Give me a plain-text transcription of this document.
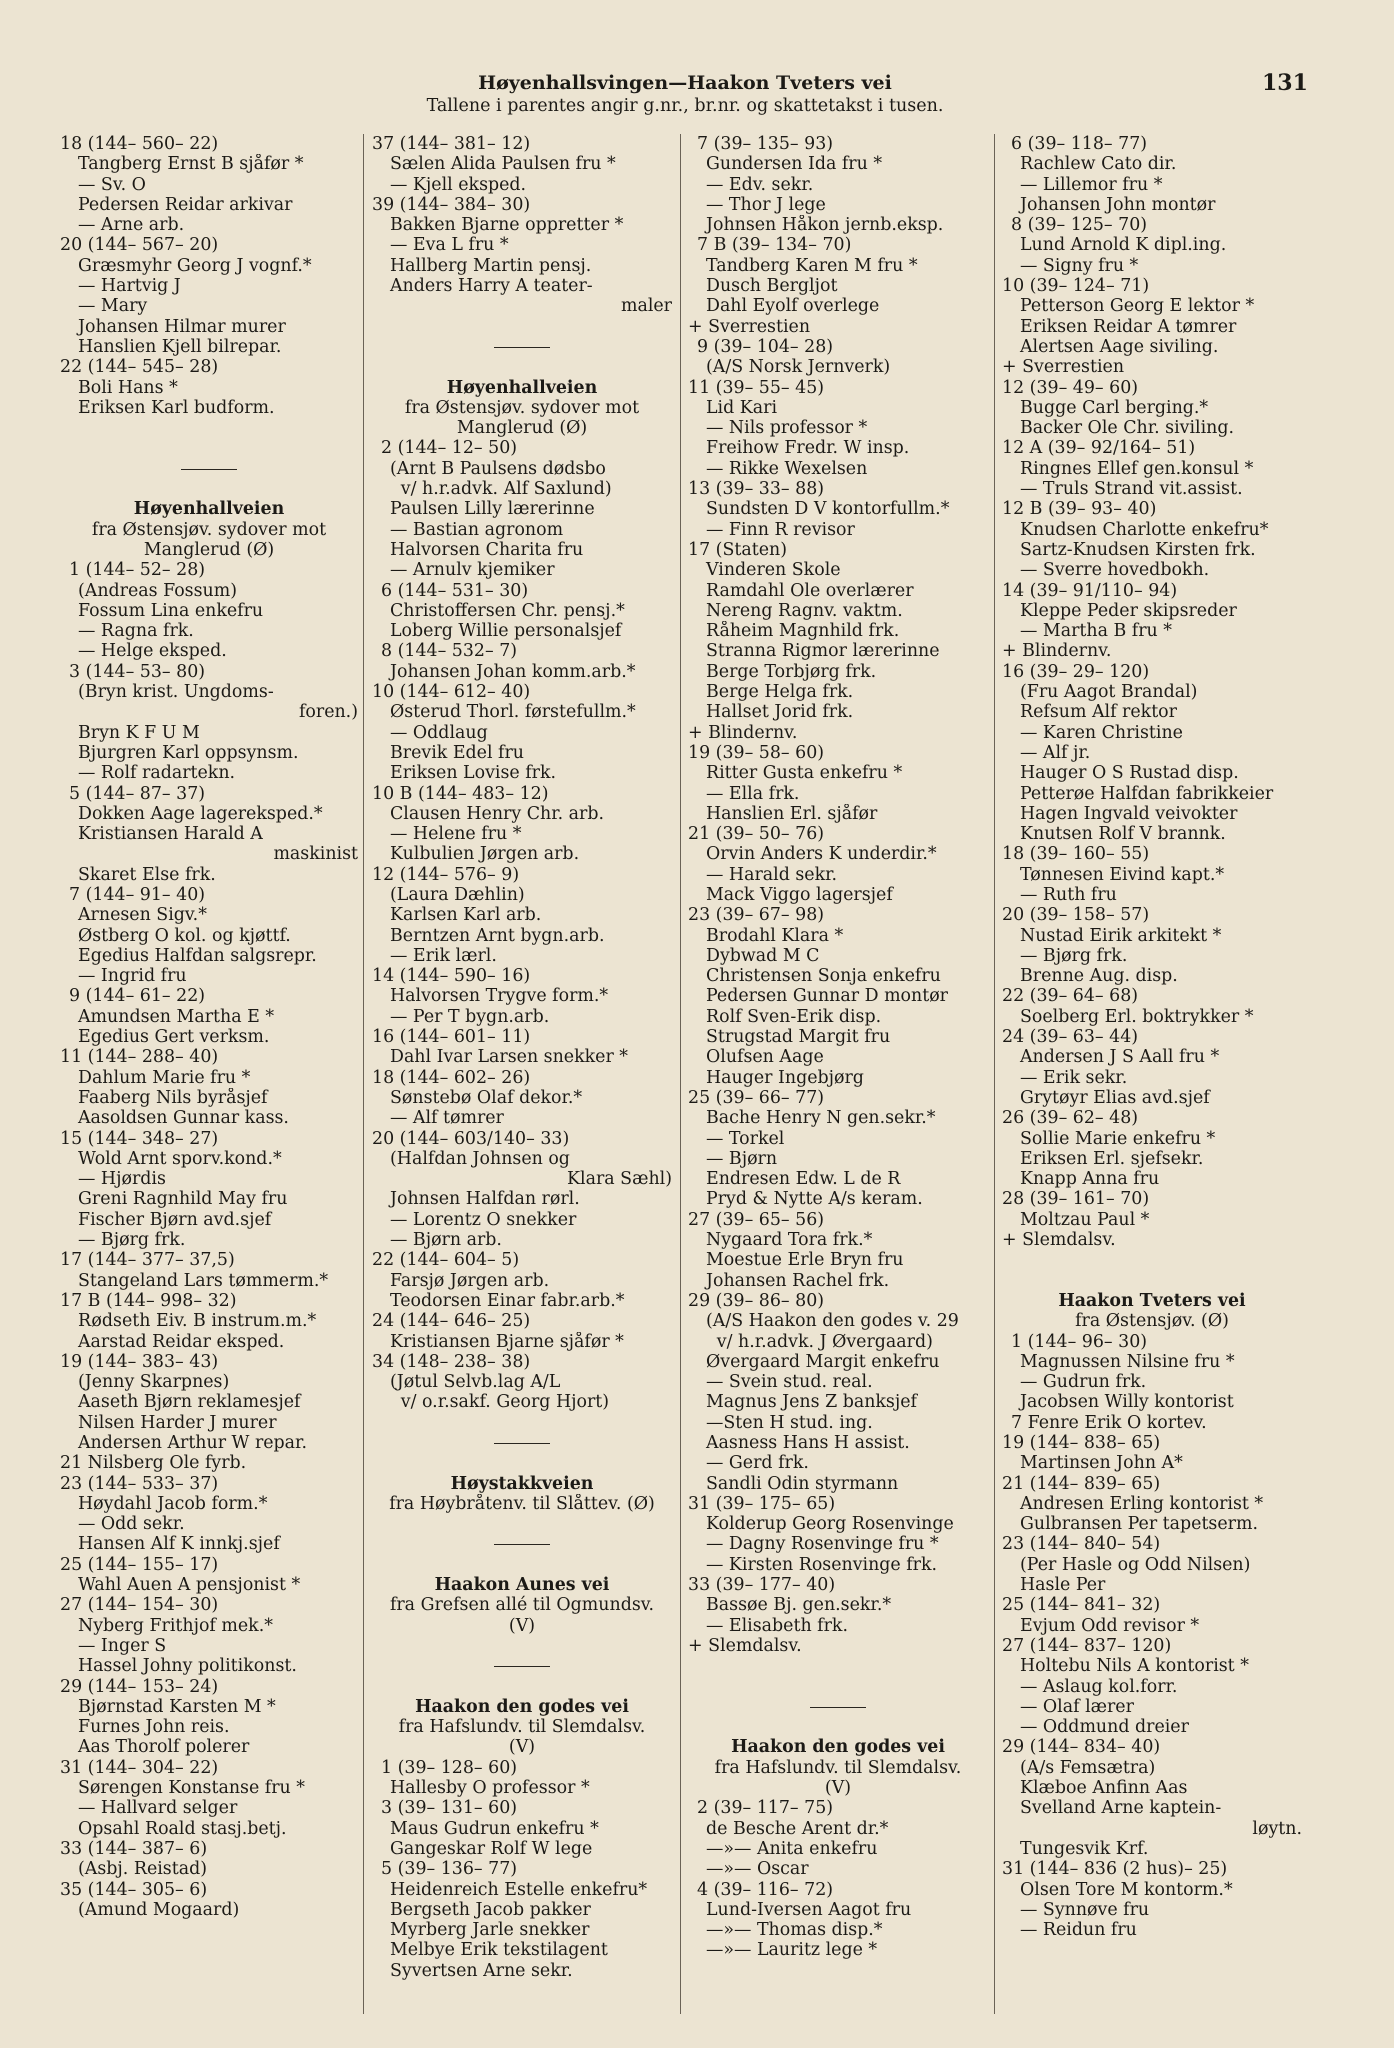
Høyenhallsvingen—Haakon Tveters vei	131
Tallene i parentes angir g.nr., br.nr. og skattetakst i tusen.
18 (144– 560– 22)
Tangberg Ernst B sjåfør *
— Sv. O
Pedersen Reidar arkivar
— Arne arb.
20 (144– 567– 20)
Græsmyhr Georg J vognf.*
— Hartvig J
— Mary
Johansen Hilmar murer
Hanslien Kjell bilrepar.
22 (144– 545– 28)
Boli Hans *
Eriksen Karl budform.
Høyenhallveien
fra Østensjøv. sydover mot
Manglerud (Ø)
1 (144– 52– 28)
(Andreas Fossum)
Fossum Lina enkefru
— Ragna frk.
— Helge eksped.
3 (144– 53– 80)
(Bryn krist. Ungdoms-
foren.)
Bryn K F U M
Bjurgren Karl oppsynsm.
— Rolf radartekn.
5 (144– 87– 37)
Dokken Aage lagereksped.*
Kristiansen Harald A
maskinist
Skaret Else frk.
7 (144– 91– 40)
Arnesen Sigv.*
Østberg O kol. og kjøttf.
Egedius Halfdan salgsrepr.
— Ingrid fru
9 (144– 61– 22)
Amundsen Martha E *
Egedius Gert verksm.
11 (144– 288– 40)
Dahlum Marie fru *
Faaberg Nils byråsjef
Aasoldsen Gunnar kass.
15 (144– 348– 27)
Wold Arnt sporv.kond.*
— Hjørdis
Greni Ragnhild May fru
Fischer Bjørn avd.sjef
— Bjørg frk.
17 (144– 377– 37,5)
Stangeland Lars tømmerm.*
17 B (144– 998– 32)
Rødseth Eiv. B instrum.m.*
Aarstad Reidar eksped.
19 (144– 383– 43)
(Jenny Skarpnes)
Aaseth Bjørn reklamesjef
Nilsen Harder J murer
Andersen Arthur W repar.
21 Nilsberg Ole fyrb.
23 (144– 533– 37)
Høydahl Jacob form.*
— Odd sekr.
Hansen Alf K innkj.sjef
25 (144– 155– 17)
Wahl Auen A pensjonist *
27 (144– 154– 30)
Nyberg Frithjof mek.*
— Inger S
Hassel Johny politikonst.
29 (144– 153– 24)
Bjørnstad Karsten M *
Furnes John reis.
Aas Thorolf polerer
31 (144– 304– 22)
Sørengen Konstanse fru *
— Hallvard selger
Opsahl Roald stasj.betj.
33 (144– 387– 6)
(Asbj. Reistad)
35 (144– 305– 6)
(Amund Mogaard)
37 (144– 381– 12)
Sælen Alida Paulsen fru *
— Kjell eksped.
39 (144– 384– 30)
Bakken Bjarne oppretter *
— Eva L fru *
Hallberg Martin pensj.
Anders Harry A teater-
maler
Høyenhallveien
fra Østensjøv. sydover mot
Manglerud (Ø)
2 (144– 12– 50)
(Arnt B Paulsens dødsbo
v/ h.r.advk. Alf Saxlund)
Paulsen Lilly lærerinne
— Bastian agronom
Halvorsen Charita fru
— Arnulv kjemiker
6 (144– 531– 30)
Christoffersen Chr. pensj.*
Loberg Willie personalsjef
8 (144– 532– 7)
Johansen Johan komm.arb.*
10 (144– 612– 40)
Østerud Thorl. førstefullm.*
— Oddlaug
Brevik Edel fru
Eriksen Lovise frk.
10 B (144– 483– 12)
Clausen Henry Chr. arb.
— Helene fru *
Kulbulien Jørgen arb.
12 (144– 576– 9)
(Laura Dæhlin)
Karlsen Karl arb.
Berntzen Arnt bygn.arb.
— Erik lærl.
14 (144– 590– 16)
Halvorsen Trygve form.*
— Per T bygn.arb.
16 (144– 601– 11)
Dahl Ivar Larsen snekker *
18 (144– 602– 26)
Sønstebø Olaf dekor.*
— Alf tømrer
20 (144– 603/140– 33)
(Halfdan Johnsen og
Klara Sæhl)
Johnsen Halfdan rørl.
— Lorentz O snekker
— Bjørn arb.
22 (144– 604– 5)
Farsjø Jørgen arb.
Teodorsen Einar fabr.arb.*
24 (144– 646– 25)
Kristiansen Bjarne sjåfør *
34 (148– 238– 38)
(Jøtul Selvb.lag A/L
v/ o.r.sakf. Georg Hjort)
Høystakkveien
fra Høybråtenv. til Slåttev. (Ø)
Haakon Aunes vei
fra Grefsen allé til Ogmundsv.
(V)
Haakon den godes vei
fra Hafslundv. til Slemdalsv.
(V)
1 (39– 128– 60)
Hallesby O professor *
3 (39– 131– 60)
Maus Gudrun enkefru *
Gangeskar Rolf W lege
5 (39– 136– 77)
Heidenreich Estelle enkefru*
Bergseth Jacob pakker
Myrberg Jarle snekker
Melbye Erik tekstilagent
Syvertsen Arne sekr.
7 (39– 135– 93)
Gundersen Ida fru *
— Edv. sekr.
— Thor J lege
Johnsen Håkon jernb.eksp.
7 B (39– 134– 70)
Tandberg Karen M fru *
Dusch Bergljot
Dahl Eyolf overlege
+ Sverrestien
9 (39– 104– 28)
(A/S Norsk Jernverk)
11 (39– 55– 45)
Lid Kari
— Nils professor *
Freihow Fredr. W insp.
— Rikke Wexelsen
13 (39– 33– 88)
Sundsten D V kontorfullm.*
— Finn R revisor
17 (Staten)
Vinderen Skole
Ramdahl Ole overlærer
Nereng Ragnv. vaktm.
Råheim Magnhild frk.
Stranna Rigmor lærerinne
Berge Torbjørg frk.
Berge Helga frk.
Hallset Jorid frk.
+ Blindernv.
19 (39– 58– 60)
Ritter Gusta enkefru *
— Ella frk.
Hanslien Erl. sjåfør
21 (39– 50– 76)
Orvin Anders K underdir.*
— Harald sekr.
Mack Viggo lagersjef
23 (39– 67– 98)
Brodahl Klara *
Dybwad M C
Christensen Sonja enkefru
Pedersen Gunnar D montør
Rolf Sven-Erik disp.
Strugstad Margit fru
Olufsen Aage
Hauger Ingebjørg
25 (39– 66– 77)
Bache Henry N gen.sekr.*
— Torkel
— Bjørn
Endresen Edw. L de R
Pryd & Nytte A/s keram.
27 (39– 65– 56)
Nygaard Tora frk.*
Moestue Erle Bryn fru
Johansen Rachel frk.
29 (39– 86– 80)
(A/S Haakon den godes v. 29
v/ h.r.advk. J Øvergaard)
Øvergaard Margit enkefru
— Svein stud. real.
Magnus Jens Z banksjef
—Sten H stud. ing.
Aasness Hans H assist.
— Gerd frk.
Sandli Odin styrmann
31 (39– 175– 65)
Kolderup Georg Rosenvinge
— Dagny Rosenvinge fru *
— Kirsten Rosenvinge frk.
33 (39– 177– 40)
Bassøe Bj. gen.sekr.*
— Elisabeth frk.
+ Slemdalsv.
Haakon den godes vei
fra Hafslundv. til Slemdalsv.
(V)
2 (39– 117– 75)
de Besche Arent dr.*
—»— Anita enkefru
—»— Oscar
4 (39– 116– 72)
Lund-Iversen Aagot fru
—»— Thomas disp.*
—»— Lauritz lege *
6 (39– 118– 77)
Rachlew Cato dir.
— Lillemor fru *
Johansen John montør
8 (39– 125– 70)
Lund Arnold K dipl.ing.
— Signy fru *
10 (39– 124– 71)
Petterson Georg E lektor *
Eriksen Reidar A tømrer
Alertsen Aage siviling.
+ Sverrestien
12 (39– 49– 60)
Bugge Carl berging.*
Backer Ole Chr. siviling.
12 A (39– 92/164– 51)
Ringnes Ellef gen.konsul *
— Truls Strand vit.assist.
12 B (39– 93– 40)
Knudsen Charlotte enkefru*
Sartz-Knudsen Kirsten frk.
— Sverre hovedbokh.
14 (39– 91/110– 94)
Kleppe Peder skipsreder
— Martha B fru *
+ Blindernv.
16 (39– 29– 120)
(Fru Aagot Brandal)
Refsum Alf rektor
— Karen Christine
— Alf jr.
Hauger O S Rustad disp.
Petterøe Halfdan fabrikkeier
Hagen Ingvald veivokter
Knutsen Rolf V brannk.
18 (39– 160– 55)
Tønnesen Eivind kapt.*
— Ruth fru
20 (39– 158– 57)
Nustad Eirik arkitekt *
— Bjørg frk.
Brenne Aug. disp.
22 (39– 64– 68)
Soelberg Erl. boktrykker *
24 (39– 63– 44)
Andersen J S Aall fru *
— Erik sekr.
Grytøyr Elias avd.sjef
26 (39– 62– 48)
Sollie Marie enkefru *
Eriksen Erl. sjefsekr.
Knapp Anna fru
28 (39– 161– 70)
Moltzau Paul *
+ Slemdalsv.
Haakon Tveters vei
fra Østensjøv. (Ø)
1 (144– 96– 30)
Magnussen Nilsine fru *
— Gudrun frk.
Jacobsen Willy kontorist
7 Fenre Erik O kortev.
19 (144– 838– 65)
Martinsen John A*
21 (144– 839– 65)
Andresen Erling kontorist *
Gulbransen Per tapetserm.
23 (144– 840– 54)
(Per Hasle og Odd Nilsen)
Hasle Per
25 (144– 841– 32)
Evjum Odd revisor *
27 (144– 837– 120)
Holtebu Nils A kontorist *
— Aslaug kol.forr.
— Olaf lærer
— Oddmund dreier
29 (144– 834– 40)
(A/s Femsætra)
Klæboe Anfinn Aas
Svelland Arne kaptein-
løytn.
Tungesvik Krf.
31 (144– 836 (2 hus)– 25)
Olsen Tore M kontorm.*
— Synnøve fru
— Reidun fru
